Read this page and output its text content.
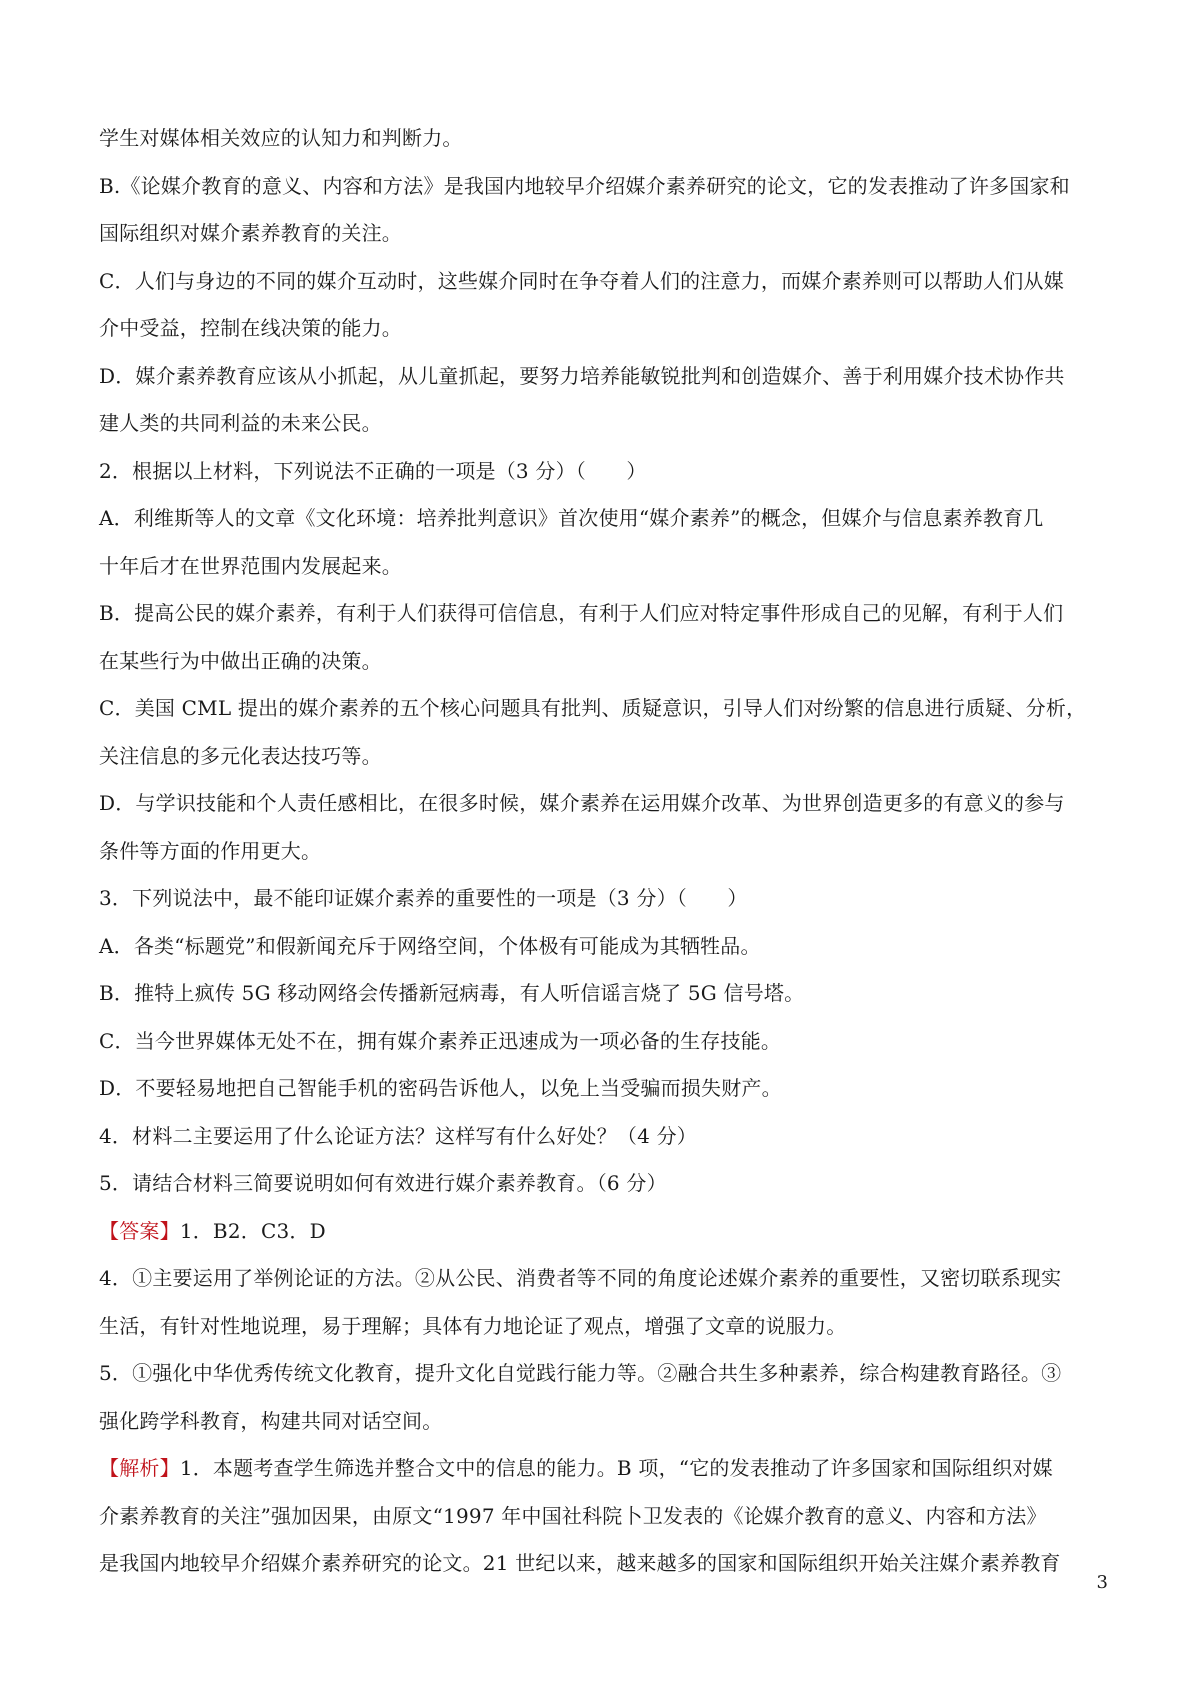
学生对媒体相关效应的认知力和判断力。
B.《论媒介教育的意义、内容和方法》是我国内地较早介绍媒介素养研究的论文，它的发表推动了许多国家和
国际组织对媒介素养教育的关注。
C．人们与身边的不同的媒介互动时，这些媒介同时在争夺着人们的注意力，而媒介素养则可以帮助人们从媒
介中受益，控制在线决策的能力。
D．媒介素养教育应该从小抓起，从儿童抓起，要努力培养能敏锐批判和创造媒介、善于利用媒介技术协作共
建人类的共同利益的未来公民。
2．根据以上材料，下列说法不正确的一项是（3 分）（　　）
A．利维斯等人的文章《文化环境：培养批判意识》首次使用“媒介素养”的概念，但媒介与信息素养教育几
十年后才在世界范围内发展起来。
B．提高公民的媒介素养，有利于人们获得可信信息，有利于人们应对特定事件形成自己的见解，有利于人们
在某些行为中做出正确的决策。
C．美国 CML 提出的媒介素养的五个核心问题具有批判、质疑意识，引导人们对纷繁的信息进行质疑、分析，
关注信息的多元化表达技巧等。
D．与学识技能和个人责任感相比，在很多时候，媒介素养在运用媒介改革、为世界创造更多的有意义的参与
条件等方面的作用更大。
3．下列说法中，最不能印证媒介素养的重要性的一项是（3 分）（　　）
A．各类“标题党”和假新闻充斥于网络空间，个体极有可能成为其牺牲品。
B．推特上疯传 5G 移动网络会传播新冠病毒，有人听信谣言烧了 5G 信号塔。
C．当今世界媒体无处不在，拥有媒介素养正迅速成为一项必备的生存技能。
D．不要轻易地把自己智能手机的密码告诉他人，以免上当受骗而损失财产。
4．材料二主要运用了什么论证方法？这样写有什么好处？（4 分）
5．请结合材料三简要说明如何有效进行媒介素养教育。（6 分）
【答案】1．B2．C3．D
4．①主要运用了举例论证的方法。②从公民、消费者等不同的角度论述媒介素养的重要性，又密切联系现实
生活，有针对性地说理，易于理解；具体有力地论证了观点，增强了文章的说服力。
5．①强化中华优秀传统文化教育，提升文化自觉践行能力等。②融合共生多种素养，综合构建教育路径。③
强化跨学科教育，构建共同对话空间。
【解析】1．本题考查学生筛选并整合文中的信息的能力。B 项，“它的发表推动了许多国家和国际组织对媒
介素养教育的关注”强加因果，由原文“1997 年中国社科院卜卫发表的《论媒介教育的意义、内容和方法》
是我国内地较早介绍媒介素养研究的论文。21 世纪以来，越来越多的国家和国际组织开始关注媒介素养教育
3
